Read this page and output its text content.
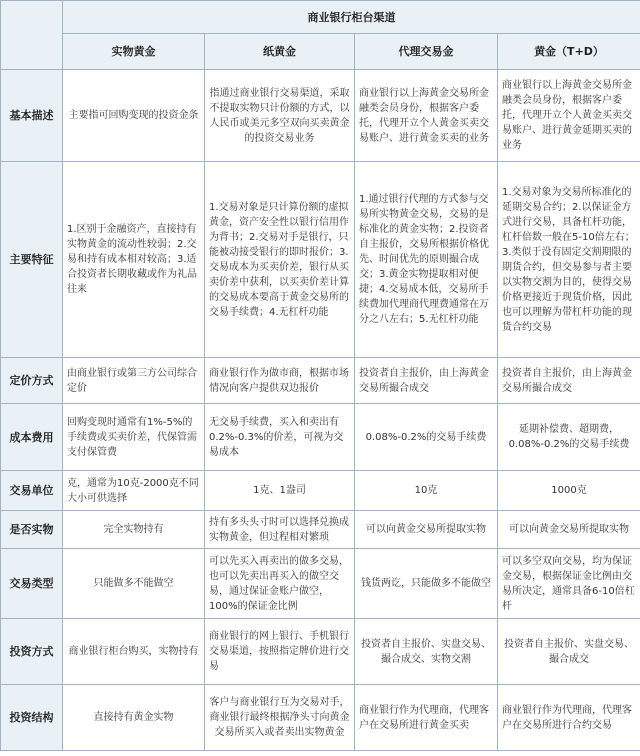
	商业银行柜台渠道			
	实物黄金	纸黄金	代理交易金	黄金（T+D）
基本描述	主要指可回购变现的投资金条	指通过商业银行交易渠道，采取不提取实物只计份额的方式，以人民币或美元多空双向买卖黄金的投资交易业务	商业银行以上海黄金交易所金融类会员身份，根据客户委托，代理开立个人黄金买卖交易账户、进行黄金买卖的业务	商业银行以上海黄金交易所金融类会员身份，根据客户委托，代理开立个人黄金买卖交易账户、进行黄金延期买卖的业务
主要特征	1.区别于金融资产，直接持有实物黄金的流动性较弱；2.交易和持有成本相对较高；3.适合投资者长期收藏或作为礼品往来	1.交易对象是只计算份额的虚拟黄金，资产安全性以银行信用作为背书；2.交易对手是银行，只能被动接受银行的即时报价；3.交易成本为买卖价差，银行从买卖价差中获利，以买卖价差计算的交易成本要高于黄金交易所的交易手续费；4.无杠杆功能	1.通过银行代理的方式参与交易所实物黄金交易，交易的是标准化的黄金实物；2.投资者自主报价，交易所根据价格优先、时间优先的原则撮合成交；3.黄金实物提取相对便捷；4.交易成本低，交易所手续费加代理商代理费通常在万分之八左右；5.无杠杆功能	1.交易对象为交易所标准化的延期交易合约；2.以保证金方式进行交易，具备杠杆功能，杠杆倍数一般在5-10倍左右；3.类似于没有固定交割期限的期货合约，但交易参与者主要以实物交割为目的，使得交易价格更接近于现货价格，因此也可以理解为带杠杆功能的现货合约交易
定价方式	由商业银行或第三方公司综合定价	商业银行作为做市商，根据市场情况向客户提供双边报价	投资者自主报价，由上海黄金交易所撮合成交	投资者自主报价，由上海黄金交易所撮合成交
成本费用	回购变现时通常有1%-5%的手续费或买卖价差，代保管需支付保管费	无交易手续费，买入和卖出有0.2%-0.3%的价差，可视为交易成本	0.08%-0.2%的交易手续费	延期补偿费、超期费，0.08%-0.2%的交易手续费
交易单位	克，通常为10克-2000克不同大小可供选择	1克、1盎司	10克	1000克
是否实物	完全实物持有	持有多头头寸时可以选择兑换成实物黄金，但过程相对繁琐	可以向黄金交易所提取实物	可以向黄金交易所提取实物
交易类型	只能做多不能做空	可以先买入再卖出的做多交易，也可以先卖出再买入的做空交易，通过保证金账户做空，100%的保证金比例	钱货两讫，只能做多不能做空	可以多空双向交易，均为保证金交易，根据保证金比例由交易所决定，通常具备6-10倍杠杆
投资方式	商业银行柜台购买，实物持有	商业银行的网上银行、手机银行交易渠道，按照指定牌价进行交易	投资者自主报价、实盘交易、撮合成交、实物交割	投资者自主报价、实盘交易、撮合成交
投资结构	直接持有黄金实物	客户与商业银行互为交易对手，商业银行最终根据净头寸向黄金交易所买入或者卖出实物黄金	商业银行作为代理商，代理客户在交易所进行黄金买卖	商业银行作为代理商，代理客户在交易所进行合约交易
